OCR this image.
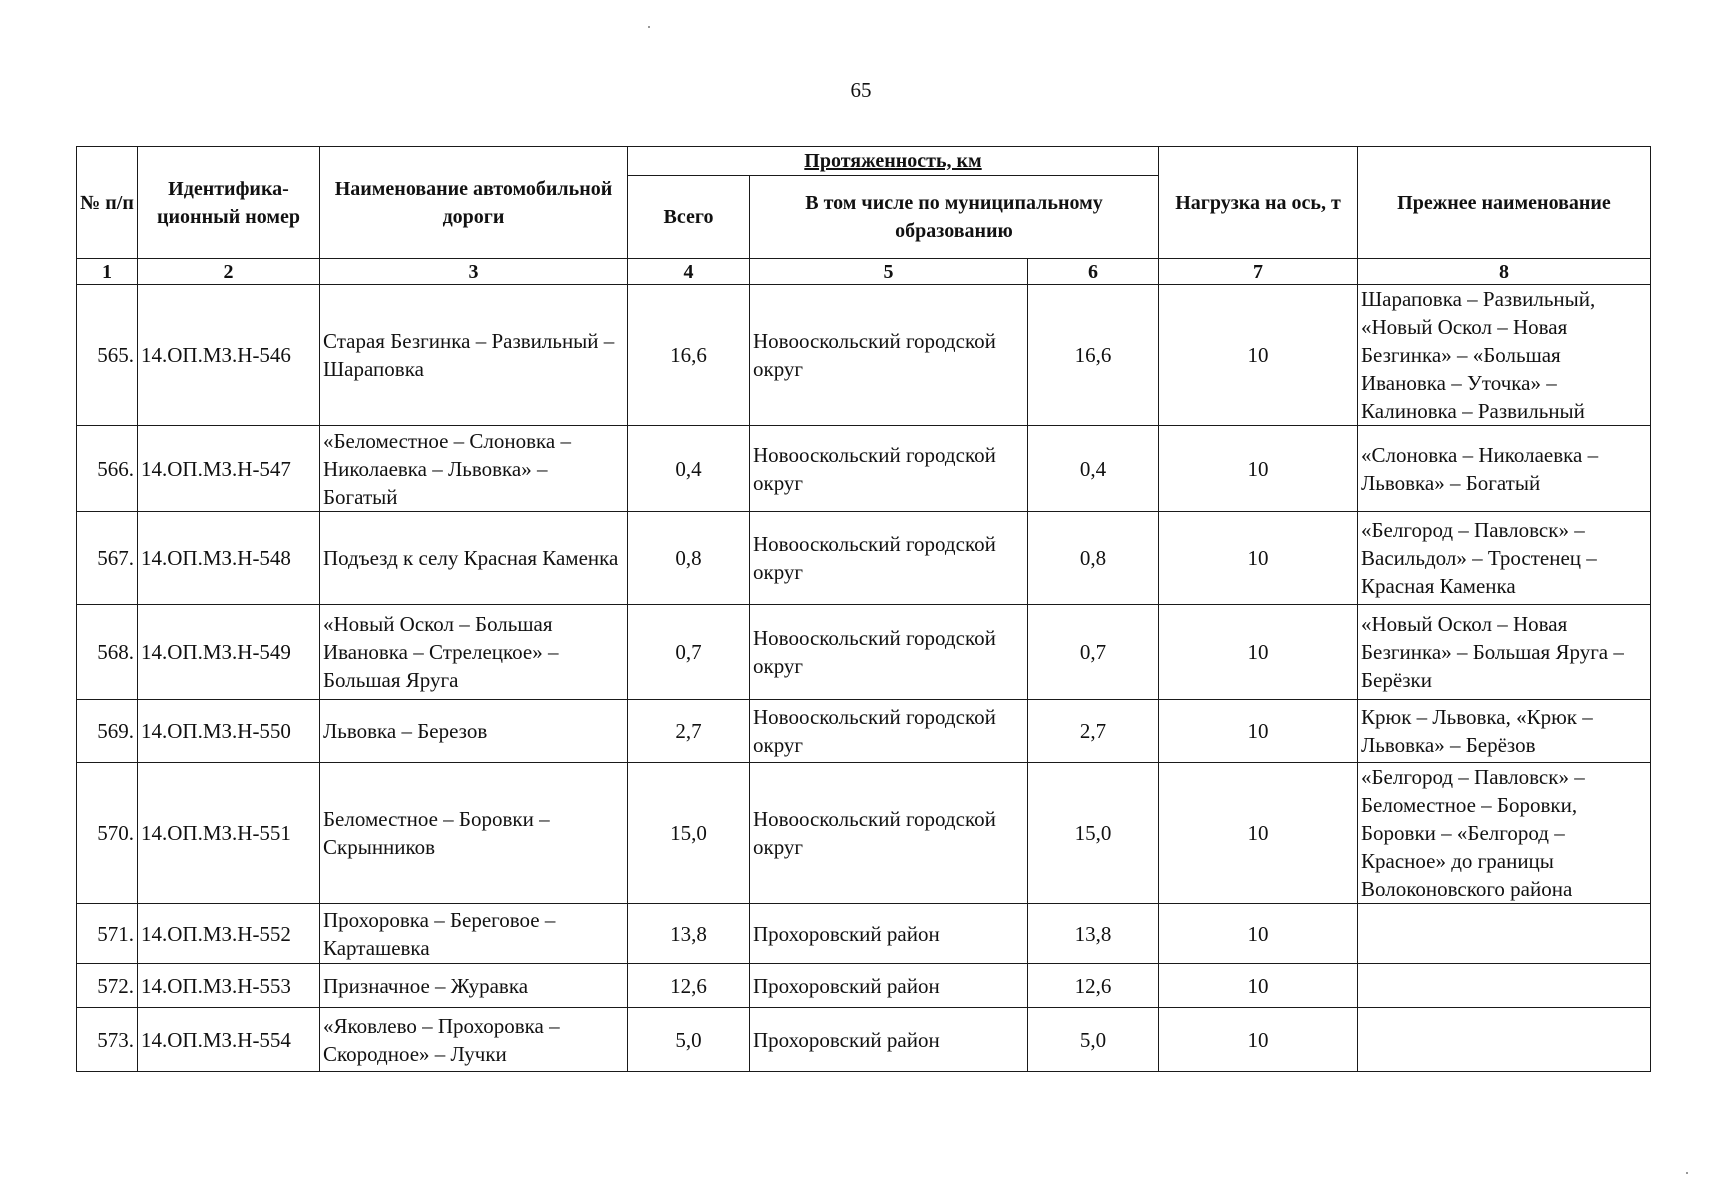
65
№ п/п	Идентифика-ционный номер	Наименование автомобильной дороги	Протяженность, км			Нагрузка на ось, т	Прежнее наименование
			Всего	В том числе по муниципальному образованию			
1	2	3	4	5	6	7	8
565.	14.ОП.МЗ.Н-546	Старая Безгинка – Развильный – Шараповка	16,6	Новооскольский городской округ	16,6	10	Шараповка – Развильный, «Новый Оскол – Новая Безгинка» – «Большая Ивановка – Уточка» – Калиновка – Развильный
566.	14.ОП.МЗ.Н-547	«Беломестное – Слоновка – Николаевка – Львовка» – Богатый	0,4	Новооскольский городской округ	0,4	10	«Слоновка – Николаевка – Львовка» – Богатый
567.	14.ОП.МЗ.Н-548	Подъезд к селу Красная Каменка	0,8	Новооскольский городской округ	0,8	10	«Белгород – Павловск» – Васильдол» – Тростенец – Красная Каменка
568.	14.ОП.МЗ.Н-549	«Новый Оскол – Большая Ивановка – Стрелецкое» – Большая Яруга	0,7	Новооскольский городской округ	0,7	10	«Новый Оскол – Новая Безгинка» – Большая Яруга – Берёзки
569.	14.ОП.МЗ.Н-550	Львовка – Березов	2,7	Новооскольский городской округ	2,7	10	Крюк – Львовка, «Крюк – Львовка» – Берёзов
570.	14.ОП.МЗ.Н-551	Беломестное – Боровки – Скрынников	15,0	Новооскольский городской округ	15,0	10	«Белгород – Павловск» – Беломестное – Боровки, Боровки – «Белгород – Красное» до границы Волоконовского района
571.	14.ОП.МЗ.Н-552	Прохоровка – Береговое – Карташевка	13,8	Прохоровский район	13,8	10	
572.	14.ОП.МЗ.Н-553	Призначное – Журавка	12,6	Прохоровский район	12,6	10	
573.	14.ОП.МЗ.Н-554	«Яковлево – Прохоровка – Скородное» – Лучки	5,0	Прохоровский район	5,0	10	
